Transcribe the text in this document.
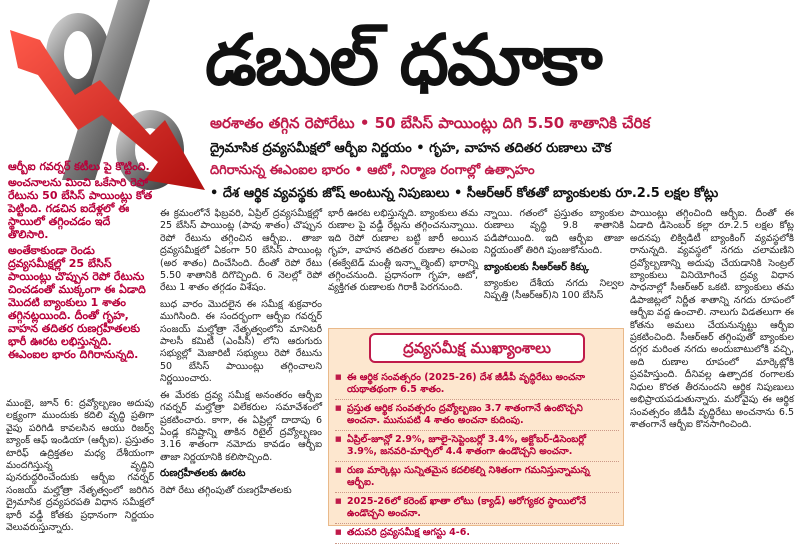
డబుల్ ధమాకా
అరశాతం తగ్గిన రెపోరేటు • 50 బేసిస్ పాయింట్లు దిగి 5.50 శాతానికి చేరిక
ద్రైమాసిక ద్రవ్యసమీక్షలో ఆర్బీఐ నిర్ణయం • గృహ, వాహన తదితర రుణాలు చౌక
దిగిరానున్న ఈఎంఐల భారం • ఆటో, నిర్మాణ రంగాల్లో ఉత్సాహం
• దేశ ఆర్థిక వ్యవస్థకు జోష్ అంటున్న నిపుణులు • సీఆర్ఆర్ కోతతో బ్యాంకులకు రూ.2.5 లక్షల కోట్లు

ఆర్బీఐ గవర్నర్ కటీలు పై కొట్టింది.

అంచనాలను మించి ఒకేసారి రెపో రేటును 50 బేసిస్ పాయింట్లు కోత పెట్టింది. గడచిన ఐదేళ్లలో ఈ స్థాయిలో తగ్గించడం ఇదే తొలిసారి.

అంతేకాకుండా రెండు ద్రవ్యసమీక్షల్లో 25 బేసిస్ పాయింట్లు చొప్పున రెపో రేటును చించడంతో ముక్కంగా ఈ ఏడాది మొదటి బ్యాంకులు 1 శాతం తగ్గినట్లయింది. దీంతో గృహ, వాహన తదితర రుణగ్రహీతలకు భారీ ఊరట లభిస్తున్నది. ఈఎంఐల భారం దిగిరానున్నది.

ముంబై, జూన్ 6: ద్రవ్యోల్బణం అదుపు లక్ష్యంగా ముందుకు కదిలి వృద్ధి ప్రతిగా వైపు పరిగిడి కావలసిన ఆయు రిజర్వ్ బ్యాంక్ ఆఫ్ ఇండియా (ఆర్బీఐ). ప్రస్తుతం టారిఫ్ ఉద్రిక్తతల మధ్య దేశీయంగా మందగిస్తున్న వృద్ధిని పునరుద్ధరించేందుకు ఆర్బీఐ గవర్నర్ సంజయ్ మల్హోత్రా నేతృత్వంలో జరిగిన ద్రైమాసిక ద్రవ్యపరపతి విధాన సమీక్షలో భారీ వడ్డీ కోతకు ప్రధానంగా నిర్ణయం వెలువరుస్తున్నారు.

ఈ క్రమంలోనే ఫిబ్రవరి, ఏప్రిల్ ద్రవ్యసమీక్షల్లో 25 బేసిస్ పాయింట్ల (పావు శాతం) చొప్పున రెపో రేటును తగ్గించిన ఆర్బీఐ.. తాజా ద్రవ్యసమీక్షలో ఏకంగా 50 బేసిస్ పాయింట్ల (అర శాతం) దించేసింది. దీంతో రెపో రేటు 5.50 శాతానికి దిగొచ్చింది. 6 నెలల్లో రెపో రేటు 1 శాతం తగ్గడం విశేషం.

బుధ వారం మొదలైన ఈ సమీక్ష శుక్రవారం ముగిసింది. ఈ సందర్భంగా ఆర్బీఐ గవర్నర్ సంజయ్ మల్హోత్రా నేతృత్వంలోని మానిటరీ పాలసీ కమిటీ (ఎంపీసీ) లోని ఆరుగురు సభ్యుల్లో మెజారిటీ సభ్యులు రెపో రేటును 50 బేసిస్ పాయింట్లు తగ్గించాలని నిర్ణయించారు.

ఈ మేరకు ద్రవ్య సమీక్ష అనంతరం ఆర్బీఐ గవర్నర్ మల్హోత్రా విలేకరుల సమావేశంలో ప్రకటించారు. కాగా, ఈ ఏప్రిల్లో దాదాపు 6 ఏండ్ల కనిష్టాన్ని తాకిన రిటైల్ ద్రవ్యోల్బణం 3.16 శాతంగా నమోదు కావడం ఆర్బీఐ తాజా నిర్ణయానికి కలిసొచ్చింది.

రుణగ్రహీతలకు ఊరట

రెపో రేటు తగ్గింపుతో రుణగ్రహీతలకు

భారీ ఊరట లభిస్తున్నది. బ్యాంకులు తమ రుణాల పై వడ్డీ రేట్లను తగ్గించనున్నాయి. ఇది రెపో రుణాల బట్టి జారీ అయిన గృహ, వాహన తదితర రుణాల ఈఎంఐ (ఈక్వేటెడ్ మంత్లీ ఇన్స్టాల్మెంట్) భారాన్ని తగ్గించనుంది. ప్రధానంగా గృహ, ఆటో, వ్యక్తిగత రుణాలకు గిరాకీ పెరగనుంది.

న్నాయి. గతంలో ప్రస్తుతం బ్యాంకుల రుణాలు వృద్ధి 9.8 శాతానికి పడిపోయింది. ఇది ఆర్బీఐ తాజా నిర్ణయంతో తిరిగి పుంజుకోనుంది.

బ్యాంకులకు సీఆర్ఆర్ కిక్కు

బ్యాంకుల దేశీయ నగదు నిల్వల నిష్పత్తి (సీఆర్ఆర్)ని 100 బేసిస్

పాయింట్లు తగ్గించింది ఆర్బీఐ. దీంతో ఈ ఏడాది డిసెంబర్ కల్లా రూ.2.5 లక్షల కోట్ల అదనపు లిక్విడిటీ బ్యాంకింగ్ వ్యవస్థలోకి రానున్నది. వ్యవస్థలో నగదు చలామణిని ద్రవ్యోల్బణాన్ని అదుపు చేయడానికి సెంట్రల్ బ్యాంకులు వినియోగించే ద్రవ్య విధాన సాధనాల్లో సీఆర్ఆర్ ఒకటి. బ్యాంకులు తమ డిపాజిట్లలో నిర్ణీత శాతాన్ని నగదు రూపంలో ఆర్బీఐ వద్ద ఉంచాలి. నాలుగు విడతలుగా ఈ కోతను అమలు చేయనున్నట్టు ఆర్బీఐ ప్రకటించింది. సీఆర్ఆర్ తగ్గింపుతో బ్యాంకుల దగ్గర మరింత నగదు అందుబాటులోకి వచ్చి, అది రుణాల రూపంలో మార్కెట్లోకి ప్రవహిస్తుంది. దీనివల్ల ఉత్పాదక రంగాలకు నిధుల కొరత తీరనుందని ఆర్థిక నిపుణులు అభిప్రాయపడుతున్నారు. మరోవైపు ఈ ఆర్థిక సంవత్సరం జీడీపీ వృద్ధిరేటు అంచనాను 6.5 శాతంగానే ఆర్బీఐ కొనసాగించింది.

ద్రవ్యసమీక్ష ముఖ్యాంశాలు
■ ఈ ఆర్థిక సంవత్సరం (2025-26) దేశ జీడీపీ వృద్ధిరేటు అంచనా యథాతథంగా 6.5 శాతం.
■ ప్రస్తుత ఆర్థిక సంవత్సరం ద్రవ్యోల్బణం 3.7 శాతంగానే ఉంటొచ్చని అంచనా. మునుపటి 4 శాతం అంచనా కుదింపు.
■ ఏప్రిల్-జూన్లో 2.9%, జూలై-సెప్టెంబర్లో 3.4%, అక్టోబర్-డిసెంబర్లో 3.9%, జనవరి-మార్చిలో 4.4 శాతంగా ఉండొచ్చని అంచనా.
■ రుణ మార్కెట్లు సున్నితమైన కదలికల్ని నిశితంగా గమనిస్తున్నామన్న ఆర్బీఐ.
■ 2025-26లో కరెంట్ ఖాతా లోటు (క్యాడ్) ఆరోగ్యకర స్థాయిలోనే ఉండొచ్చని అంచనా.
■ తదుపరి ద్రవ్యసమీక్ష ఆగస్టు 4-6.
